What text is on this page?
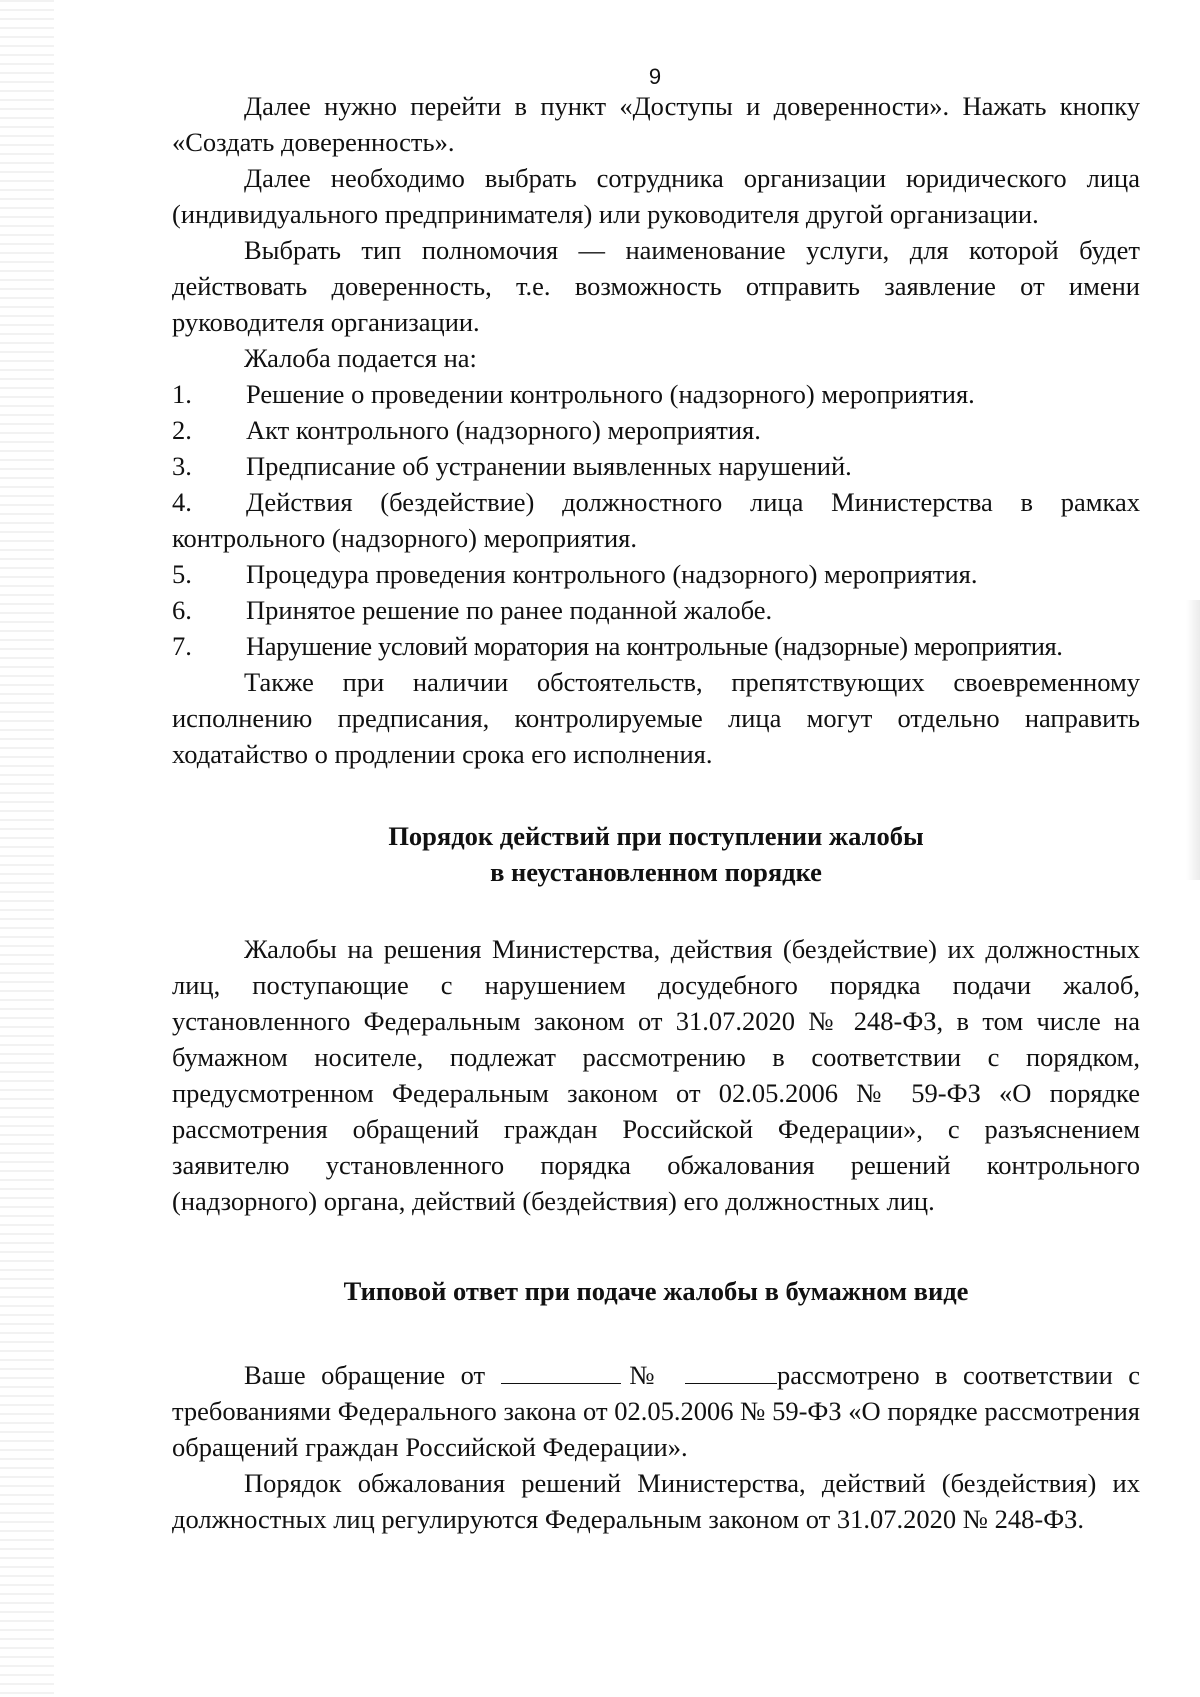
9

Далее нужно перейти в пункт «Доступы и доверенности». Нажать кнопку «Создать доверенность».

Далее необходимо выбрать сотрудника организации юридического лица (индивидуального предпринимателя) или руководителя другой организации.

Выбрать тип полномочия — наименование услуги, для которой будет действовать доверенность, т.е. возможность отправить заявление от имени руководителя организации.

Жалоба подается на:

1.	Решение о проведении контрольного (надзорного) мероприятия.
2.	Акт контрольного (надзорного) мероприятия.
3.	Предписание об устранении выявленных нарушений.
4.	Действия (бездействие) должностного лица Министерства в рамках
контрольного (надзорного) мероприятия.
5.	Процедура проведения контрольного (надзорного) мероприятия.
6.	Принятое решение по ранее поданной жалобе.
7.	Нарушение условий моратория на контрольные (надзорные) мероприятия.

Также при наличии обстоятельств, препятствующих своевременному исполнению предписания, контролируемые лица могут отдельно направить ходатайство о продлении срока его исполнения.

Порядок действий при поступлении жалобы
в неустановленном порядке

Жалобы на решения Министерства, действия (бездействие) их должностных лиц, поступающие с нарушением досудебного порядка подачи жалоб, установленного Федеральным законом от 31.07.2020 № 248-ФЗ, в том числе на бумажном носителе, подлежат рассмотрению в соответствии с порядком, предусмотренном Федеральным законом от 02.05.2006 № 59-ФЗ «О порядке рассмотрения обращений граждан Российской Федерации», с разъяснением заявителю установленного порядка обжалования решений контрольного (надзорного) органа, действий (бездействия) его должностных лиц.

Типовой ответ при подаче жалобы в бумажном виде

Ваше обращение от	№	рассмотрено в соответствии с требованиями Федерального закона от 02.05.2006 № 59-ФЗ «О порядке рассмотрения обращений граждан Российской Федерации».

Порядок обжалования решений Министерства, действий (бездействия) их должностных лиц регулируются Федеральным законом от 31.07.2020 № 248-ФЗ.
